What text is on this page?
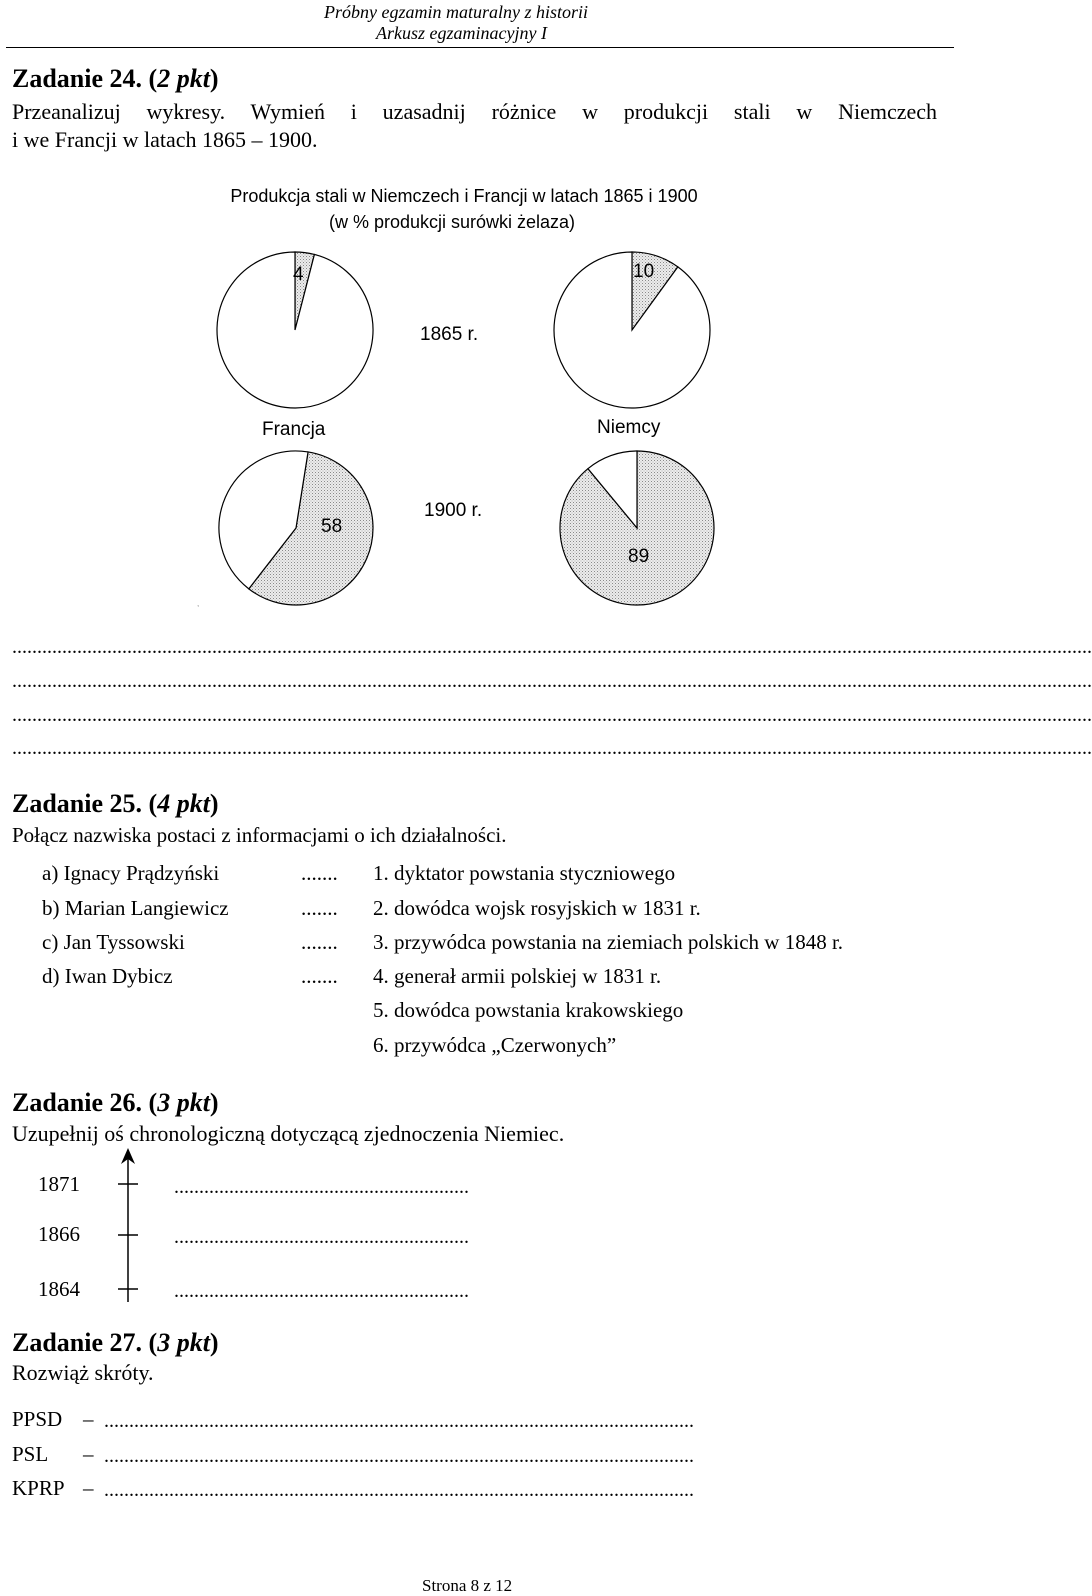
Próbny egzamin maturalny z historii
Arkusz egzaminacyjny I
Zadanie 24. (2 pkt)
Przeanalizuj wykresy. Wymień i uzasadnij różnice w produkcji stali w Niemczech
i we Francji w latach 1865 – 1900.
Produkcja stali w Niemczech i Francji w latach 1865 i 1900
(w % produkcji surówki żelaza)
1865 r.
Francja	Niemcy
1900 r.
4	10
58
89
,
........................................................................................................................................................................................................................
........................................................................................................................................................................................................................
........................................................................................................................................................................................................................
........................................................................................................................................................................................................................
Zadanie 25. (4 pkt)
Połącz nazwiska postaci z informacjami o ich działalności.
a) Ignacy Prądzyński
b) Marian Langiewicz
c) Jan Tyssowski
d) Iwan Dybicz
.......
.......
.......
.......
1. dyktator powstania styczniowego
2. dowódca wojsk rosyjskich w 1831 r.
3. przywódca powstania na ziemiach polskich w 1848 r.
4. generał armii polskiej w 1831 r.
5. dowódca powstania krakowskiego
6. przywódca „Czerwonych”
Zadanie 26. (3 pkt)
Uzupełnij oś chronologiczną dotyczącą zjednoczenia Niemiec.
1871
1866
1864
...........................................................
...........................................................
...........................................................
Zadanie 27. (3 pkt)
Rozwiąż skróty.
PPSD
PSL
KPRP
–
–
–
......................................................................................................................
......................................................................................................................
......................................................................................................................
Strona 8 z 12
